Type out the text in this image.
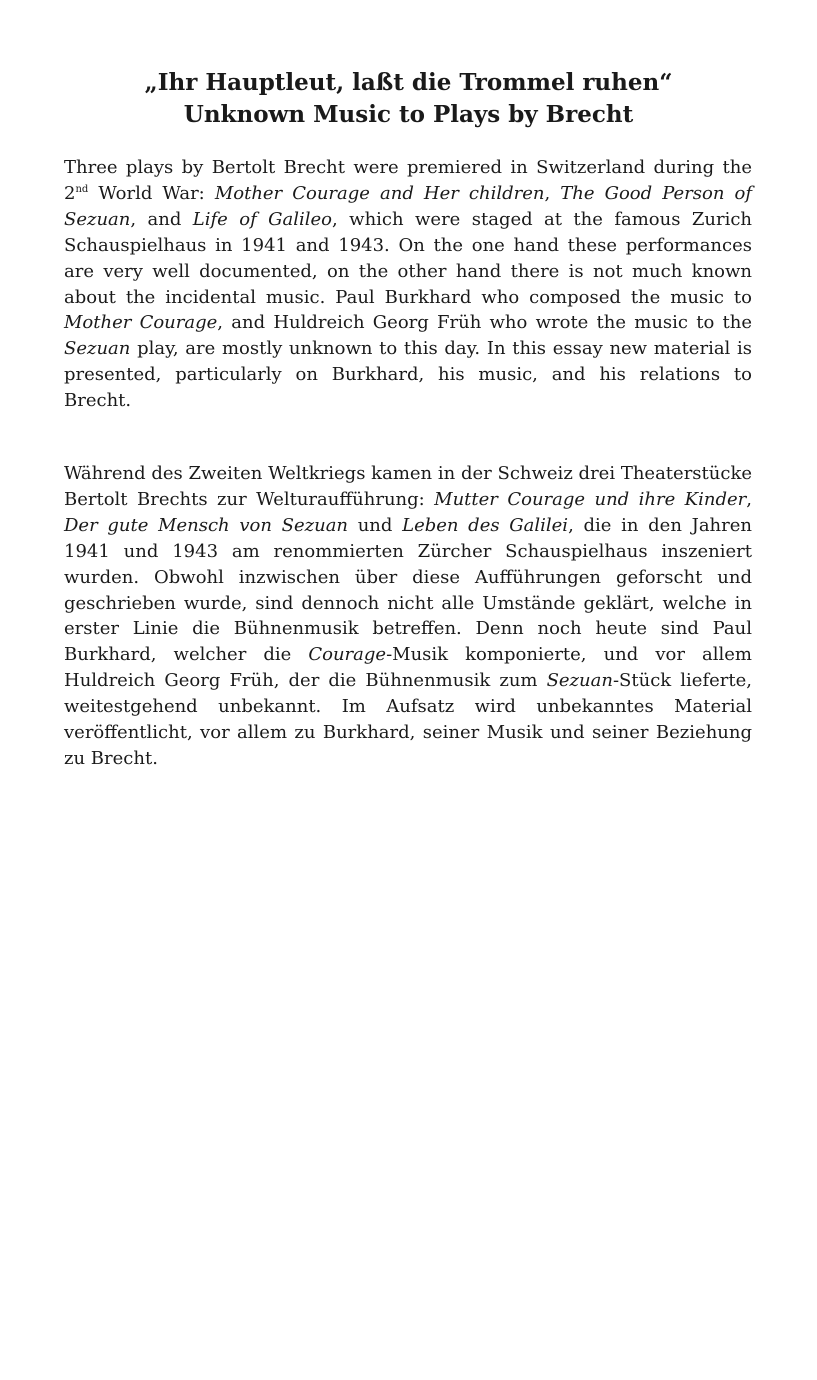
„Ihr Hauptleut, laßt die Trommel ruhen“
Unknown Music to Plays by Brecht

Three plays by Bertolt Brecht were premiered in Switzerland during the 2nd World War: Mother Courage and Her children, The Good Person of Sezuan, and Life of Galileo, which were staged at the famous Zurich Schauspielhaus in 1941 and 1943. On the one hand these performances are very well documented, on the other hand there is not much known about the incidental music. Paul Burkhard who composed the music to Mother Courage, and Huldreich Georg Früh who wrote the music to the Sezuan play, are mostly unknown to this day. In this essay new material is presented, particularly on Burkhard, his music, and his relations to Brecht.

Während des Zweiten Weltkriegs kamen in der Schweiz drei Theaterstücke Bertolt Brechts zur Welturaufführung: Mutter Courage und ihre Kinder, Der gute Mensch von Sezuan und Leben des Galilei, die in den Jahren 1941 und 1943 am renommierten Zürcher Schauspielhaus inszeniert wurden. Obwohl inzwischen über diese Aufführungen geforscht und geschrieben wurde, sind dennoch nicht alle Umstände geklärt, welche in erster Linie die Bühnenmusik betreffen. Denn noch heute sind Paul Burkhard, welcher die Courage-Musik komponierte, und vor allem Huldreich Georg Früh, der die Bühnenmusik zum Sezuan-Stück lieferte, weitestgehend unbekannt. Im Aufsatz wird unbekanntes Material veröffentlicht, vor allem zu Burkhard, seiner Musik und seiner Beziehung zu Brecht.
